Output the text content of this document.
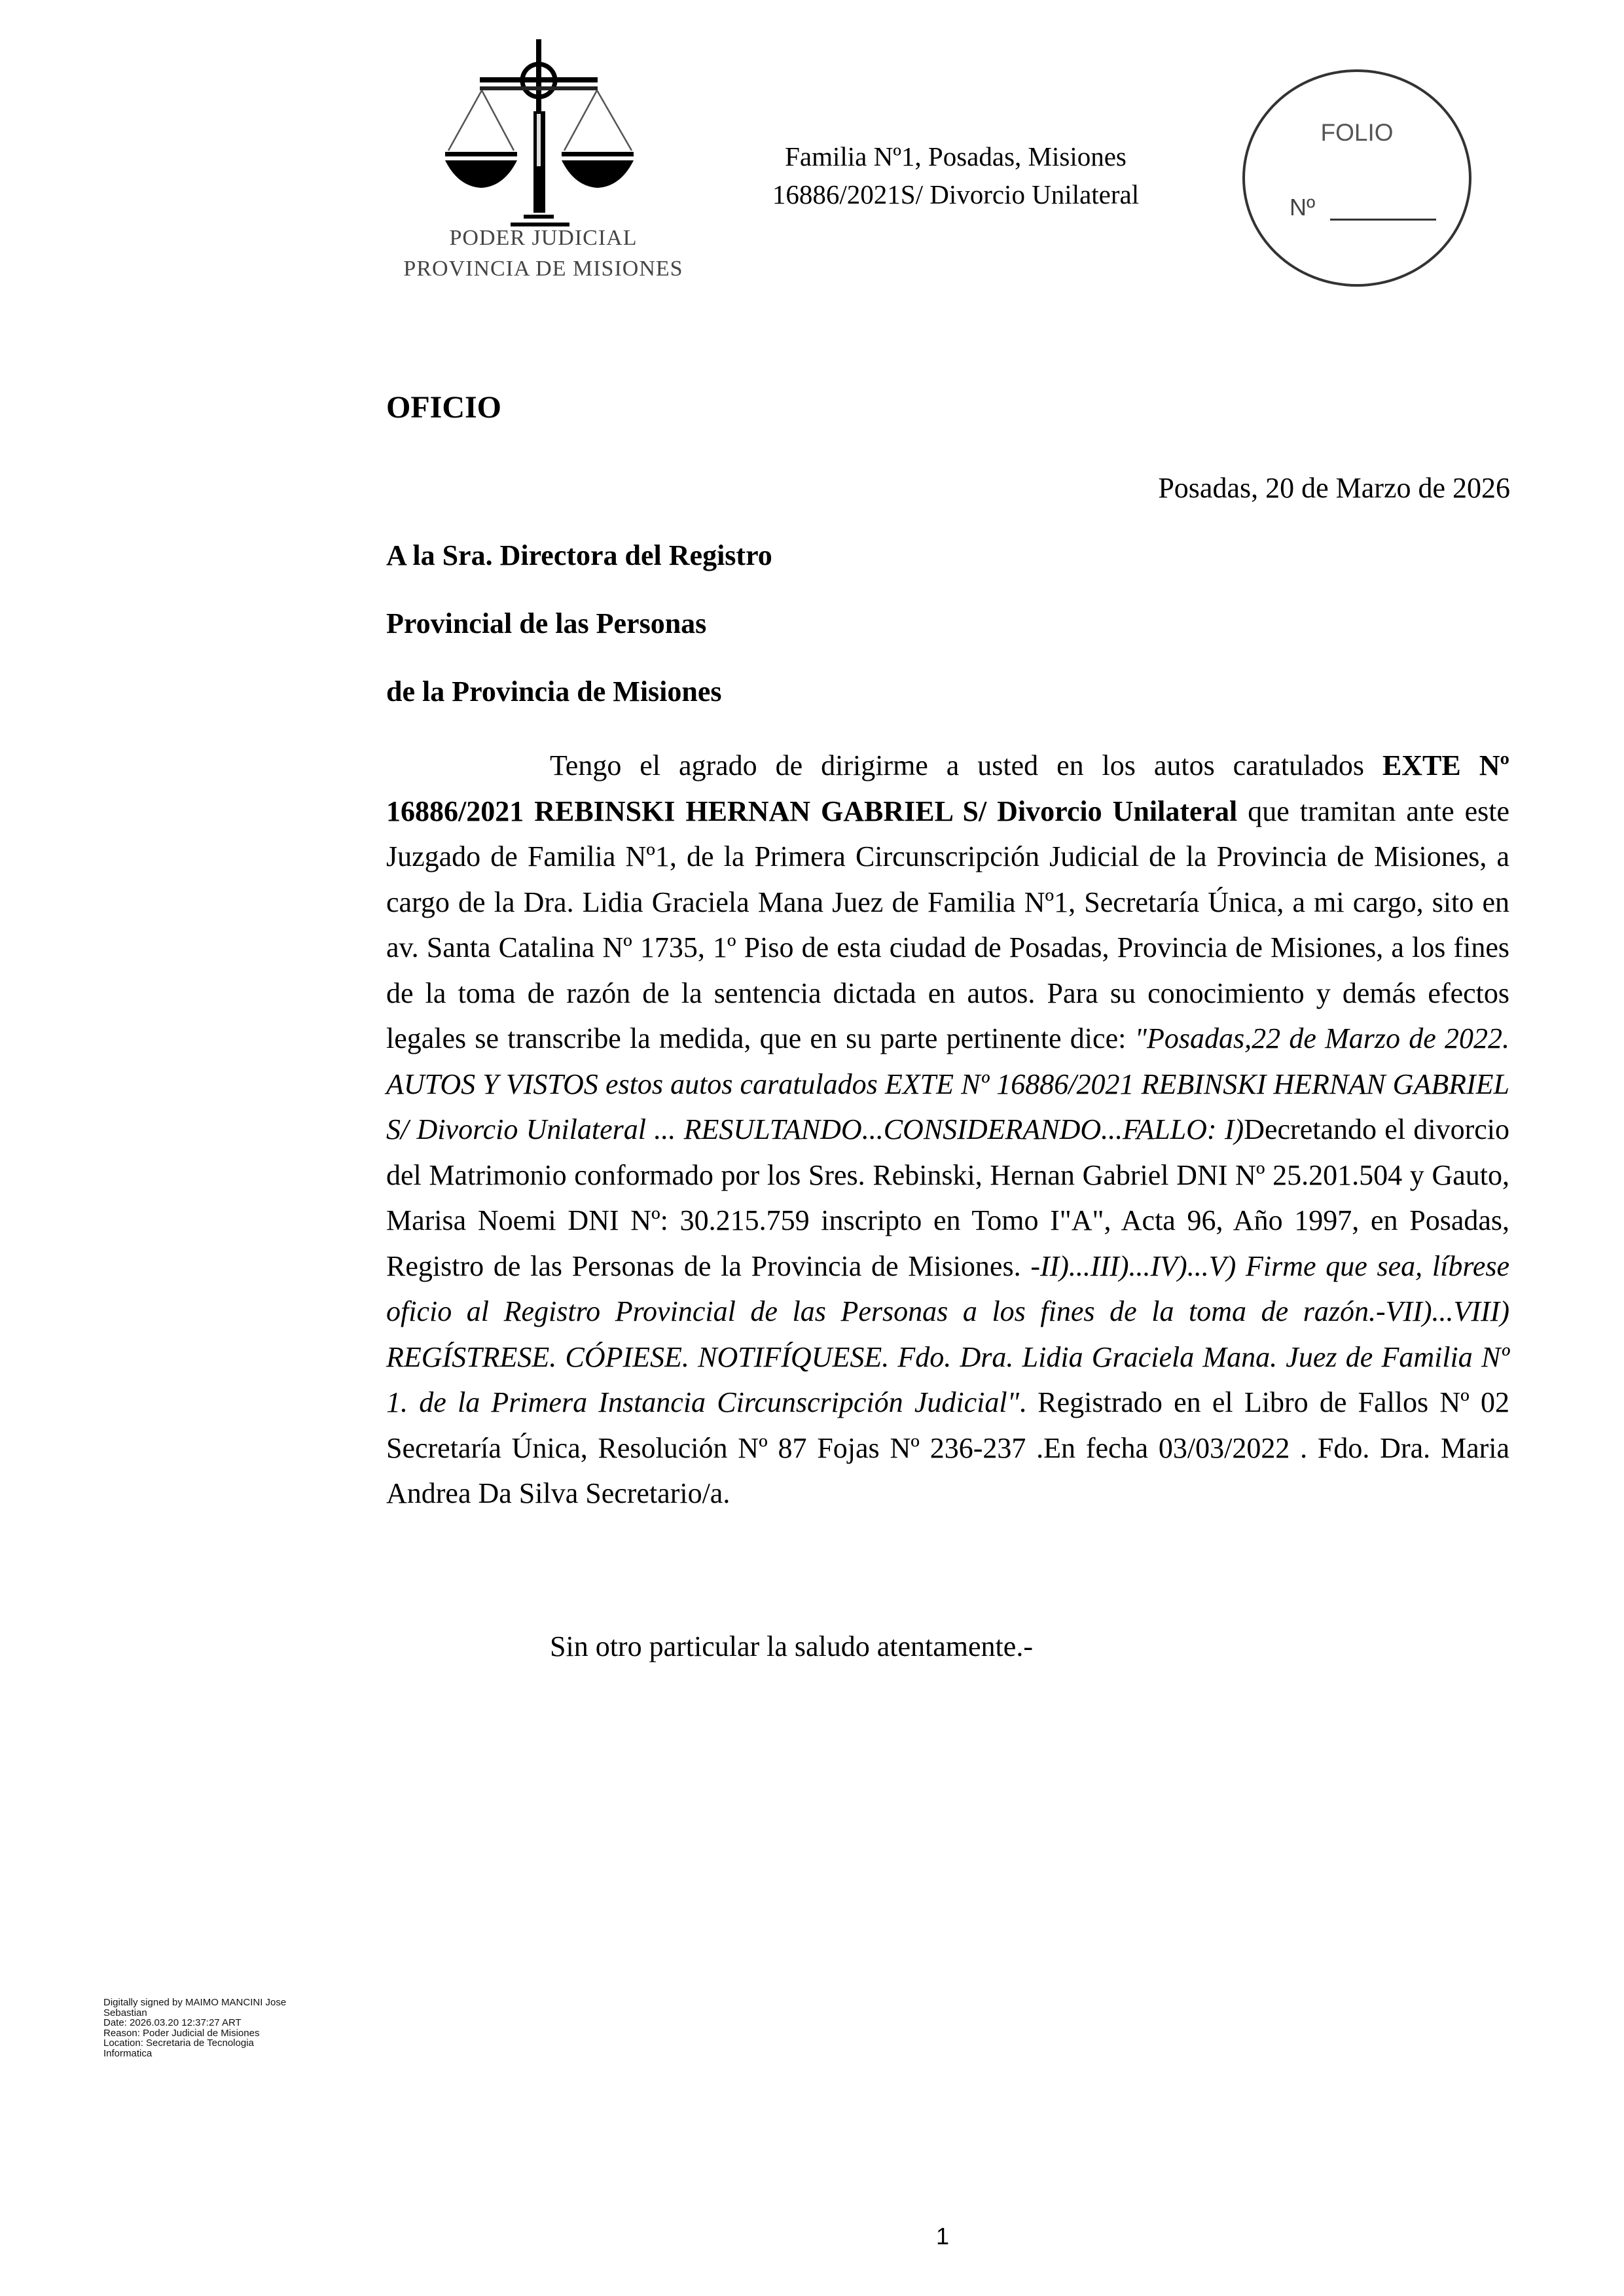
PODER JUDICIAL
PROVINCIA DE MISIONES
Familia Nº1, Posadas, Misiones
16886/2021S/ Divorcio Unilateral
FOLIO
Nº
OFICIO
Posadas, 20 de Marzo de 2026
A la Sra. Directora del Registro
Provincial de las Personas
de la Provincia de Misiones

Tengo el agrado de dirigirme a usted en los autos caratulados EXTE Nº 16886/2021 REBINSKI HERNAN GABRIEL S/ Divorcio Unilateral que tramitan ante este Juzgado de Familia Nº1, de la Primera Circunscripción Judicial de la Provincia de Misiones, a cargo de la Dra. Lidia Graciela Mana Juez de Familia Nº1, Secretaría Única, a mi cargo, sito en av. Santa Catalina Nº 1735, 1º Piso de esta ciudad de Posadas, Provincia de Misiones, a los fines de la toma de razón de la sentencia dictada en autos. Para su conocimiento y demás efectos legales se transcribe la medida, que en su parte pertinente dice: "Posadas,22 de Marzo de 2022. AUTOS Y VISTOS estos autos caratulados EXTE Nº 16886/2021 REBINSKI HERNAN GABRIEL S/ Divorcio Unilateral ... RESULTANDO...CONSIDERANDO...FALLO: I)Decretando el divorcio del Matrimonio conformado por los Sres. Rebinski, Hernan Gabriel DNI Nº 25.201.504 y Gauto, Marisa Noemi DNI Nº: 30.215.759 inscripto en Tomo I"A", Acta 96, Año 1997, en Posadas, Registro de las Personas de la Provincia de Misiones. -II)...III)...IV)...V) Firme que sea, líbrese oficio al Registro Provincial de las Personas a los fines de la toma de razón.-VII)...VIII) REGÍSTRESE. CÓPIESE. NOTIFÍQUESE. Fdo. Dra. Lidia Graciela Mana. Juez de Familia Nº 1. de la Primera Instancia Circunscripción Judicial". Registrado en el Libro de Fallos Nº 02 Secretaría Única, Resolución Nº 87 Fojas Nº 236-237 .En fecha 03/03/2022 . Fdo. Dra. Maria Andrea Da Silva Secretario/a.

Sin otro particular la saludo atentamente.-
Digitally signed by MAIMO MANCINI Jose
Sebastian
Date: 2026.03.20 12:37:27 ART
Reason: Poder Judicial de Misiones
Location: Secretaria de Tecnologia
Informatica
1
